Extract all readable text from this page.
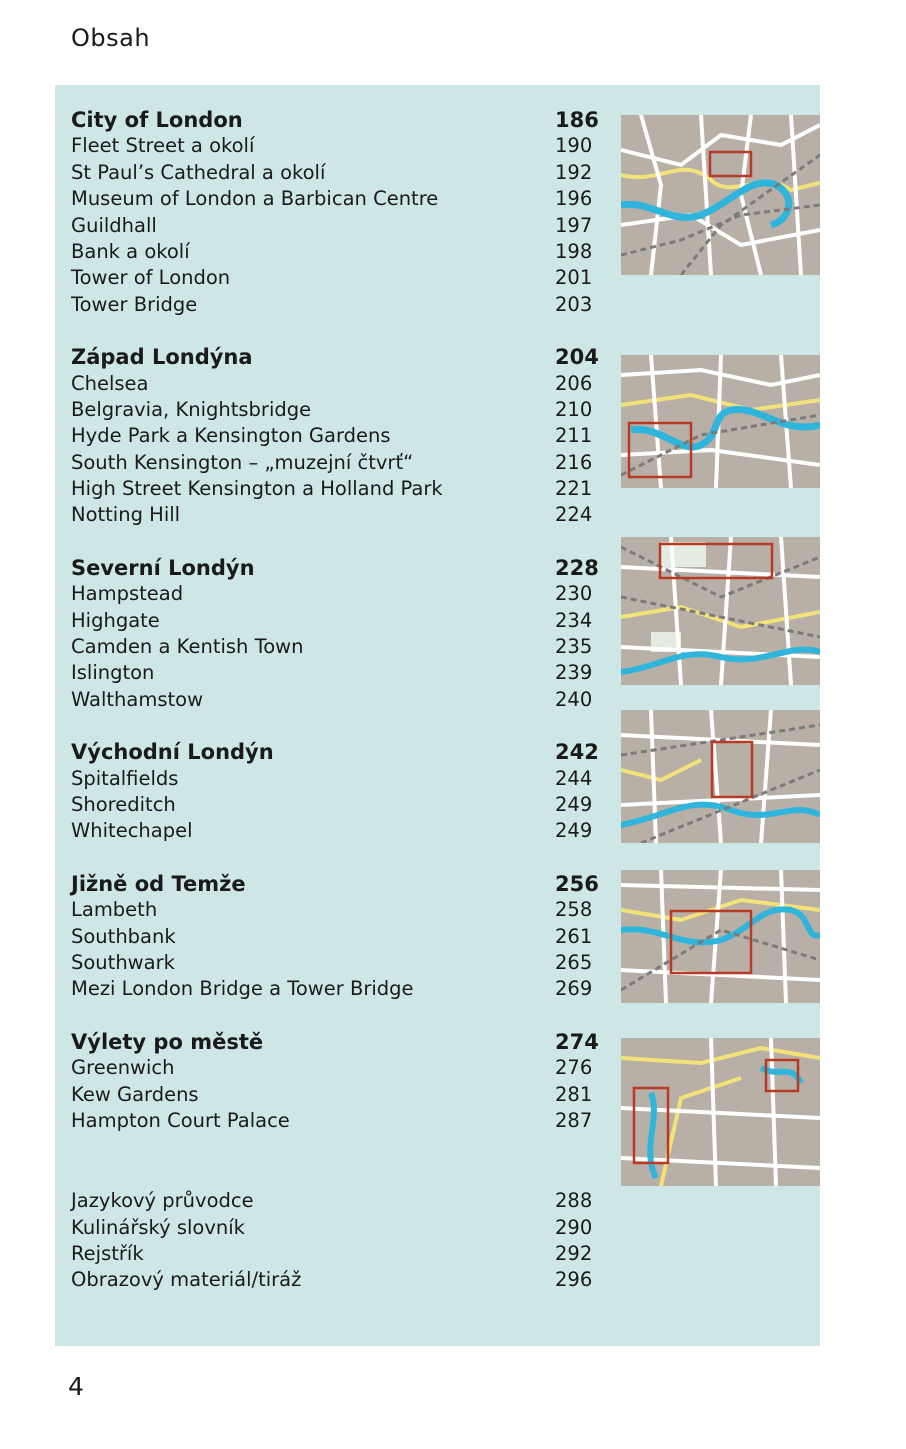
Obsah
City of London	186
Fleet Street a okolí	190
St Paul’s Cathedral a okolí	192
Museum of London a Barbican Centre	196
Guildhall	197
Bank a okolí	198
Tower of London	201
Tower Bridge	203
Západ Londýna	204
Chelsea	206
Belgravia, Knightsbridge	210
Hyde Park a Kensington Gardens	211
South Kensington – „muzejní čtvrť“	216
High Street Kensington a Holland Park	221
Notting Hill	224
Severní Londýn	228
Hampstead	230
Highgate	234
Camden a Kentish Town	235
Islington	239
Walthamstow	240
Východní Londýn	242
Spitalfields	244
Shoreditch	249
Whitechapel	249
Jižně od Temže	256
Lambeth	258
Southbank	261
Southwark	265
Mezi London Bridge a Tower Bridge	269
Výlety po městě	274
Greenwich	276
Kew Gardens	281
Hampton Court Palace	287
Jazykový průvodce	288
Kulinářský slovník	290
Rejstřík	292
Obrazový materiál/tiráž	296

4
